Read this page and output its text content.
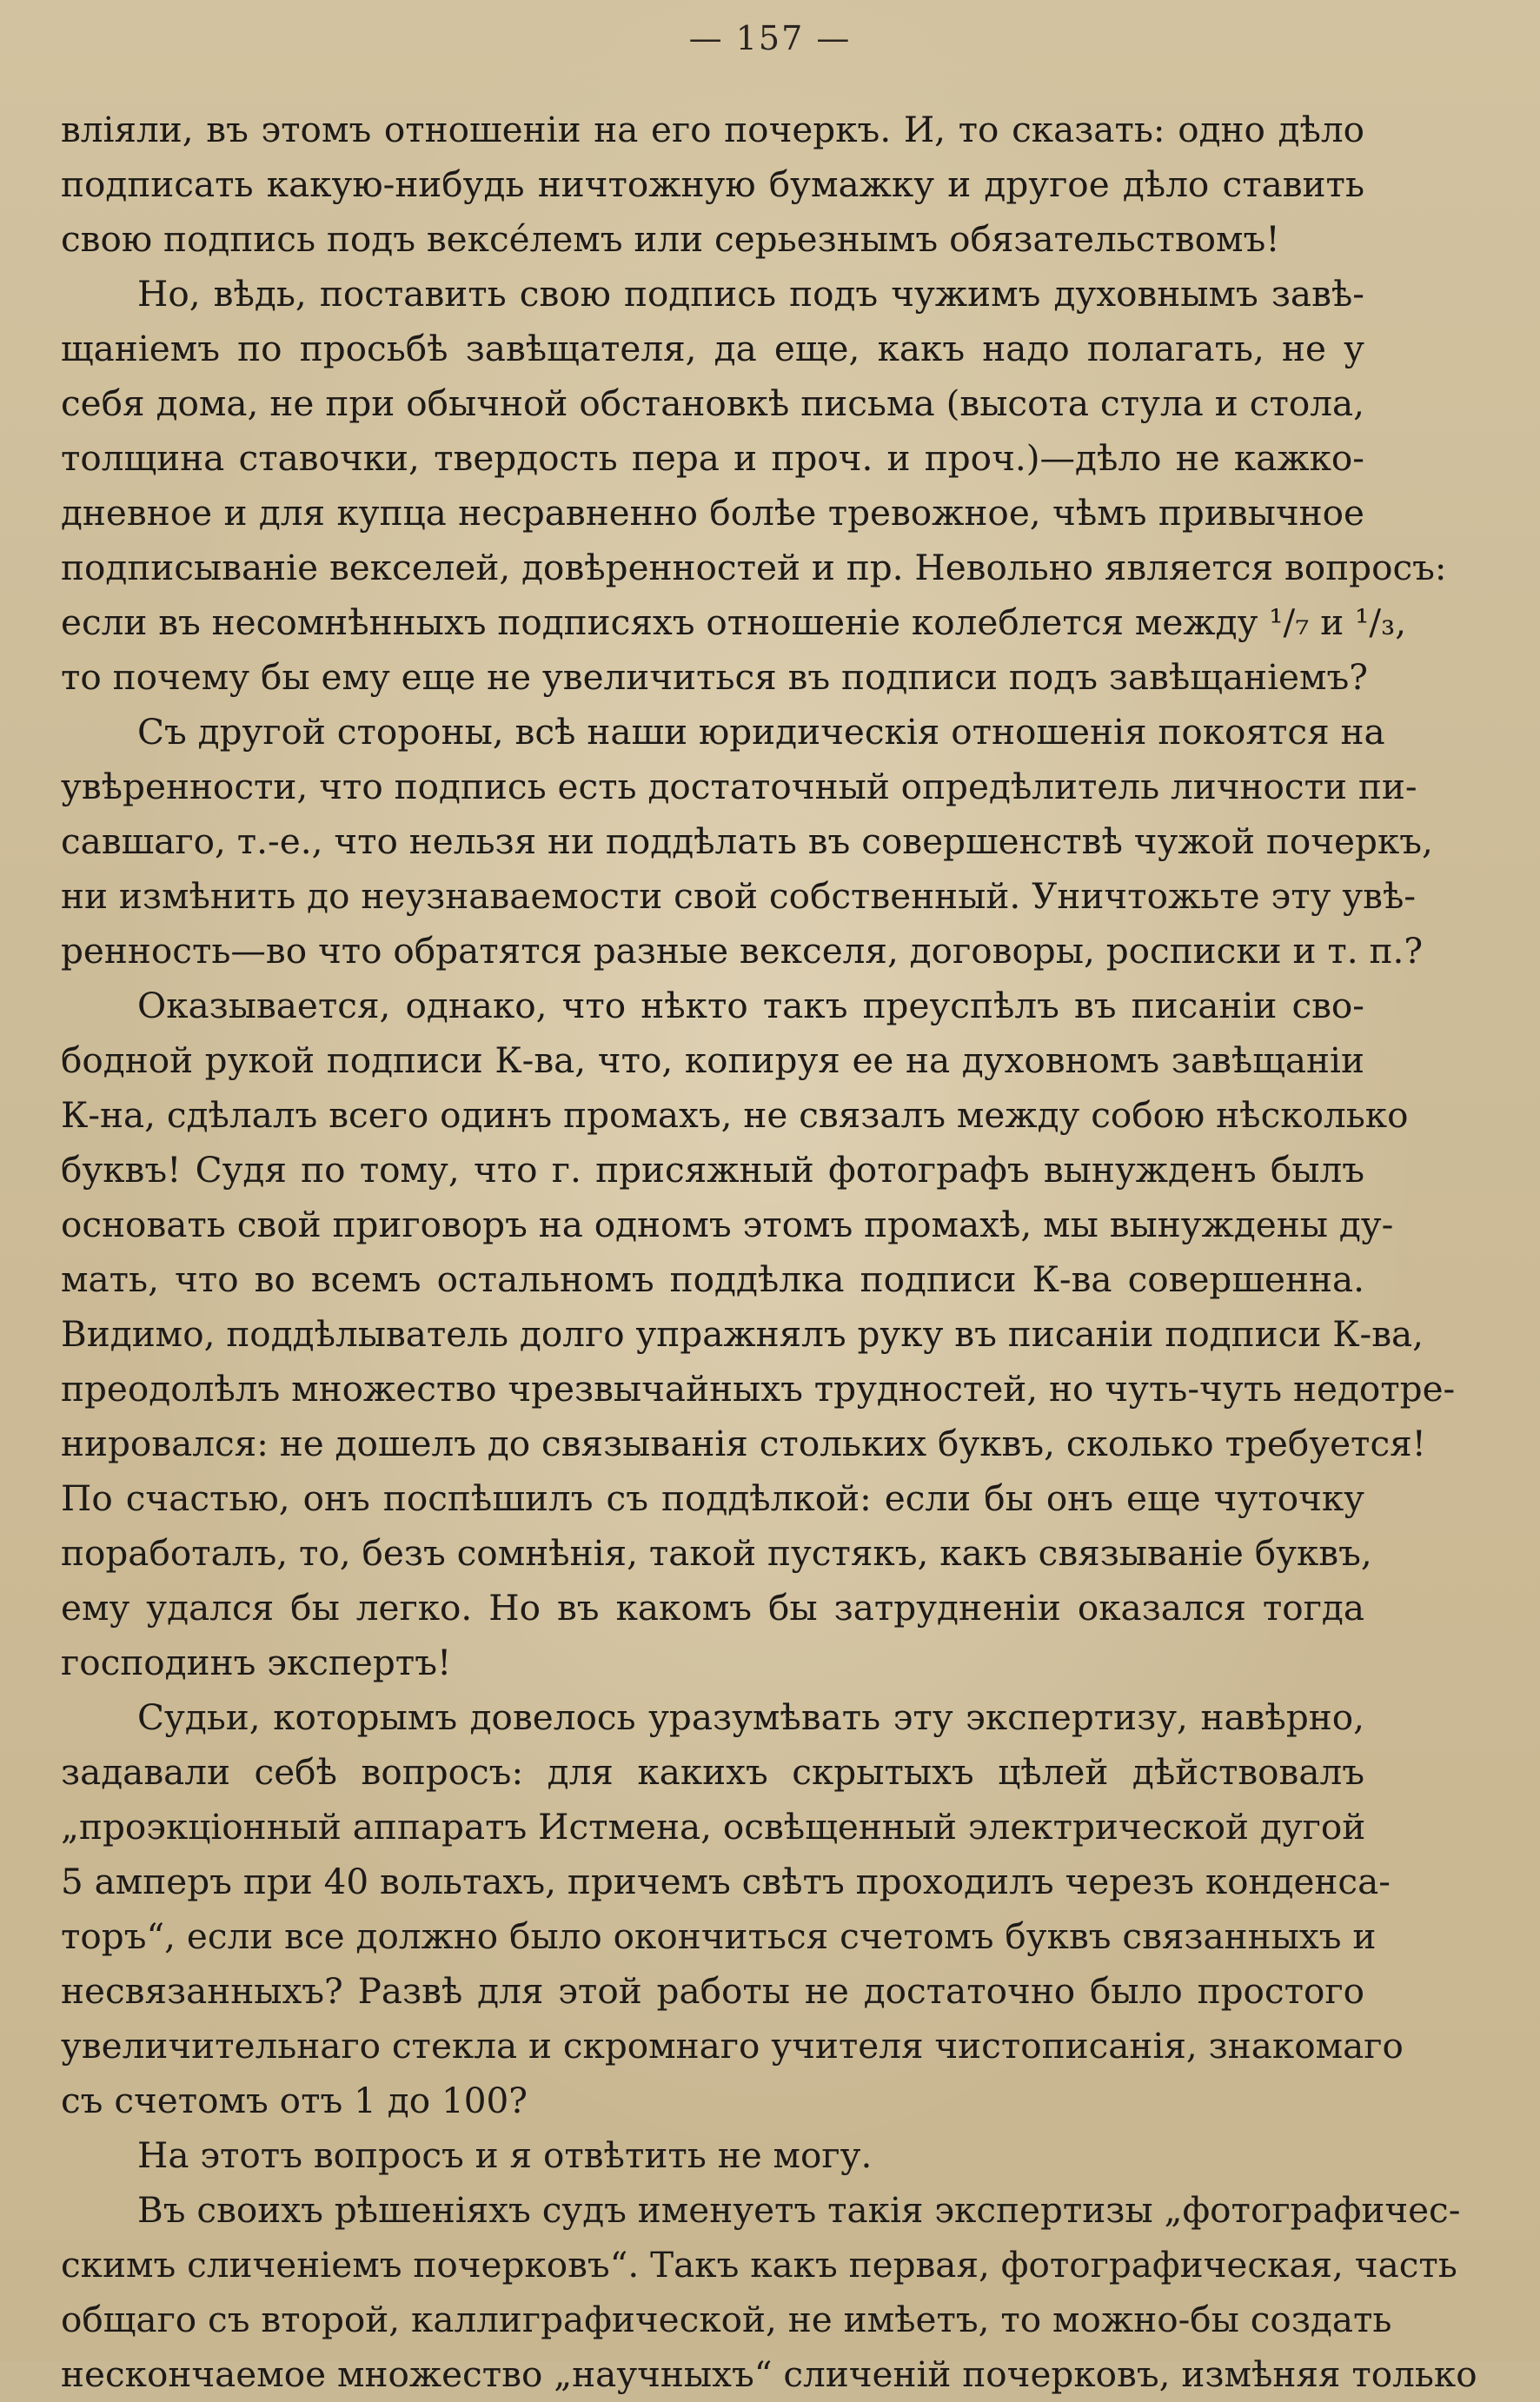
— 157 —
вліяли, въ этомъ отношеніи на его почеркъ. И, то сказать: одно дѣло
подписать какую-нибудь ничтожную бумажку и другое дѣло ставить
свою подпись подъ вексéлемъ или серьезнымъ обязательствомъ!
Но, вѣдь, поставить свою подпись подъ чужимъ духовнымъ завѣ-
щаніемъ по просьбѣ завѣщателя, да еще, какъ надо полагать, не у
себя дома, не при обычной обстановкѣ письма (высота стула и стола,
толщина ставочки, твердость пера и проч. и проч.)—дѣло не кажко-
дневное и для купца несравненно болѣе тревожное, чѣмъ привычное
подписываніе векселей, довѣренностей и пр. Невольно является вопросъ:
если въ несомнѣнныхъ подписяхъ отношеніе колеблется между ¹/₇ и ¹/₃,
то почему бы ему еще не увеличиться въ подписи подъ завѣщаніемъ?
Съ другой стороны, всѣ наши юридическія отношенія покоятся на
увѣренности, что подпись есть достаточный опредѣлитель личности пи-
савшаго, т.-е., что нельзя ни поддѣлать въ совершенствѣ чужой почеркъ,
ни измѣнить до неузнаваемости свой собственный. Уничтожьте эту увѣ-
ренность—во что обратятся разные векселя, договоры, росписки и т. п.?
Оказывается, однако, что нѣкто такъ преуспѣлъ въ писаніи сво-
бодной рукой подписи К-ва, что, копируя ее на духовномъ завѣщаніи
К-на, сдѣлалъ всего одинъ промахъ, не связалъ между собою нѣсколько
буквъ! Судя по тому, что г. присяжный фотографъ вынужденъ былъ
основать свой приговоръ на одномъ этомъ промахѣ, мы вынуждены ду-
мать, что во всемъ остальномъ поддѣлка подписи К-ва совершенна.
Видимо, поддѣлыватель долго упражнялъ руку въ писаніи подписи К-ва,
преодолѣлъ множество чрезвычайныхъ трудностей, но чуть-чуть недотре-
нировался: не дошелъ до связыванія стольких буквъ, сколько требуется!
По счастью, онъ поспѣшилъ съ поддѣлкой: если бы онъ еще чуточку
поработалъ, то, безъ сомнѣнія, такой пустякъ, какъ связываніе буквъ,
ему удался бы легко. Но въ какомъ бы затрудненіи оказался тогда
господинъ экспертъ!
Судьи, которымъ довелось уразумѣвать эту экспертизу, навѣрно,
задавали себѣ вопросъ: для какихъ скрытыхъ цѣлей дѣйствовалъ
„проэкціонный аппаратъ Истмена, освѣщенный электрической дугой
5 амперъ при 40 вольтахъ, причемъ свѣтъ проходилъ черезъ конденса-
торъ“, если все должно было окончиться счетомъ буквъ связанныхъ и
несвязанныхъ? Развѣ для этой работы не достаточно было простого
увеличительнаго стекла и скромнаго учителя чистописанія, знакомаго
съ счетомъ отъ 1 до 100?
На этотъ вопросъ и я отвѣтить не могу.
Въ своихъ рѣшеніяхъ судъ именуетъ такія экспертизы „фотографичес-
скимъ сличеніемъ почерковъ“. Такъ какъ первая, фотографическая, часть
общаго съ второй, каллиграфической, не имѣетъ, то можно-бы создать
нескончаемое множество „научныхъ“ сличеній почерковъ, измѣняя только
